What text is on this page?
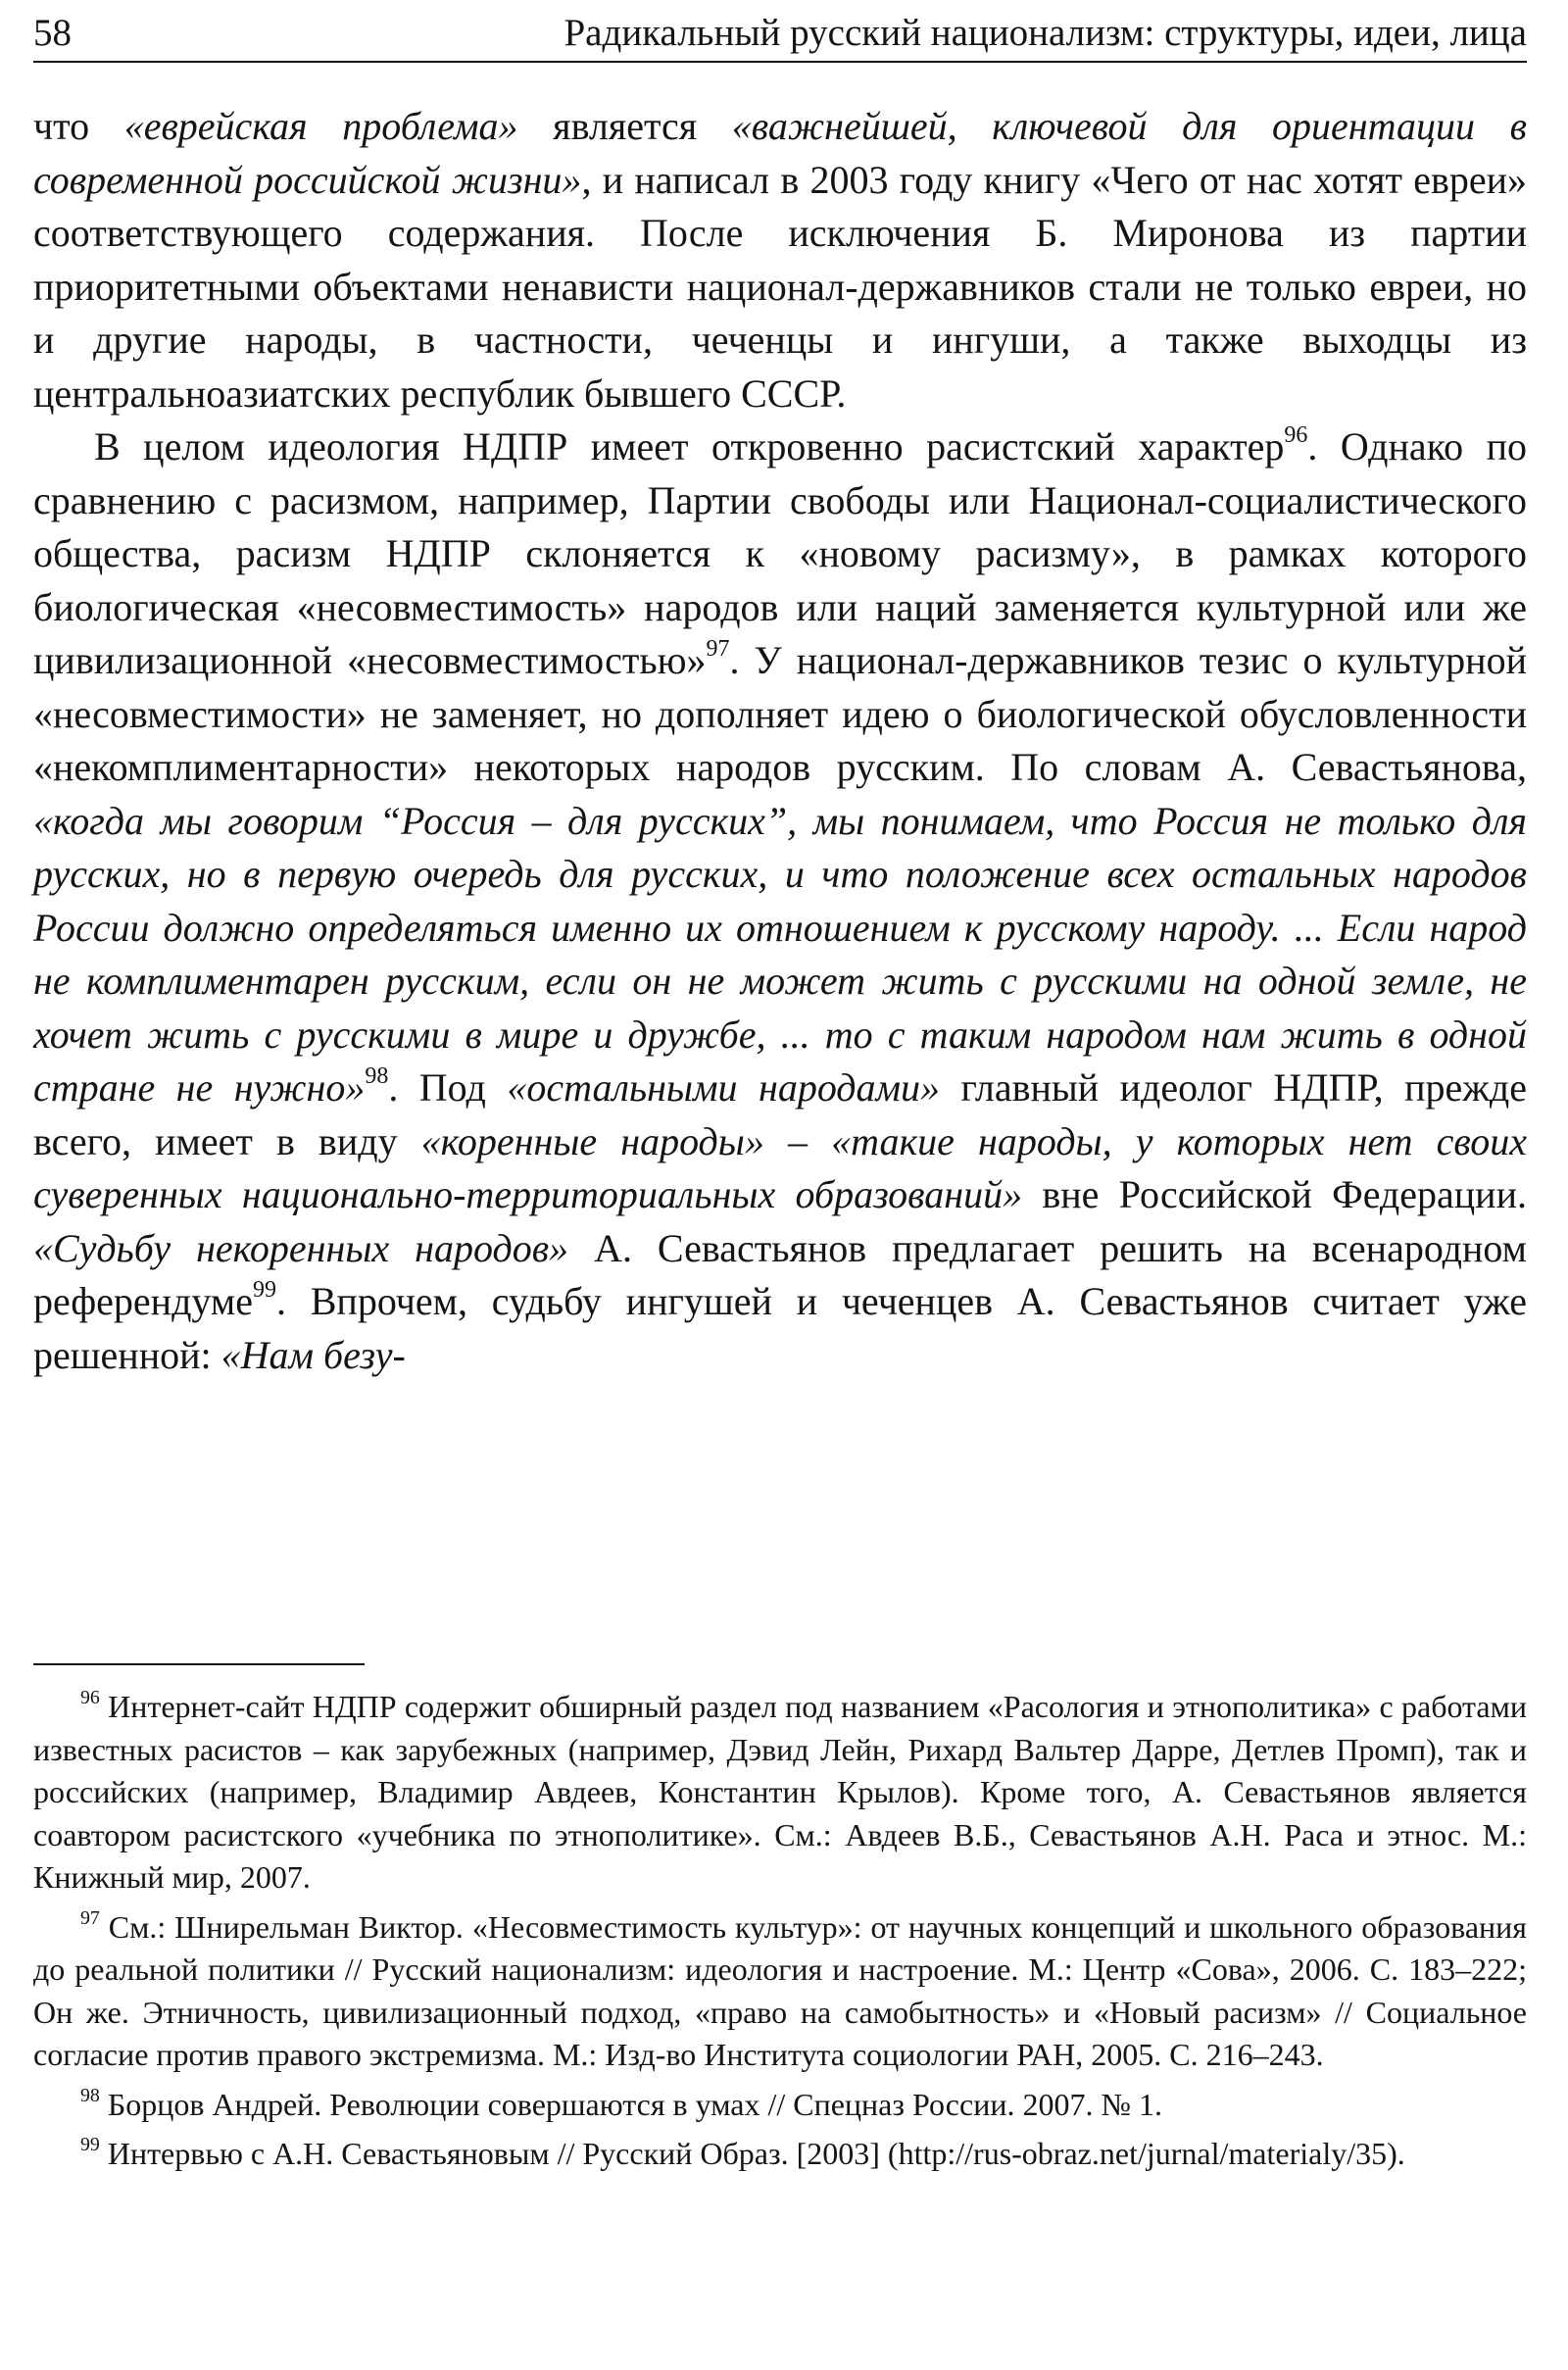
58	Радикальный русский национализм: структуры, идеи, лица

что «еврейская проблема» является «важнейшей, ключевой для ориентации в современной российской жизни», и написал в 2003 году книгу «Чего от нас хотят евреи» соответствующего содержания. После исключения Б. Миронова из партии приоритетными объектами ненависти национал-державников стали не только евреи, но и другие народы, в частности, чеченцы и ингуши, а также выходцы из центральноазиатских республик бывшего СССР.

В целом идеология НДПР имеет откровенно расистский характер$^{96}$. Однако по сравнению с расизмом, например, Партии свободы или Национал-социалистического общества, расизм НДПР склоняется к «новому расизму», в рамках которого биологическая «несовместимость» народов или наций заменяется культурной или же цивилизационной «несовместимостью»$^{97}$. У национал-державников тезис о культурной «несовместимости» не заменяет, но дополняет идею о биологической обусловленности «некомплиментарности» некоторых народов русским. По словам А. Севастьянова, «когда мы говорим “Россия – для русских”, мы понимаем, что Россия не только для русских, но в первую очередь для русских, и что положение всех остальных народов России должно определяться именно их отношением к русскому народу. ... Если народ не комплиментарен русским, если он не может жить с русскими на одной земле, не хочет жить с русскими в мире и дружбе, ... то с таким народом нам жить в одной стране не нужно»$^{98}$. Под «остальными народами» главный идеолог НДПР, прежде всего, имеет в виду «коренные народы» – «такие народы, у которых нет своих суверенных национально-территориальных образований» вне Российской Федерации. «Судьбу некоренных народов» А. Севастьянов предлагает решить на всенародном референдуме$^{99}$. Впрочем, судьбу ингушей и чеченцев А. Севастьянов считает уже решенной: «Нам безу-

$^{96}$ Интернет-сайт НДПР содержит обширный раздел под названием «Расология и этнополитика» с работами известных расистов – как зарубежных (например, Дэвид Лейн, Рихард Вальтер Дарре, Детлев Промп), так и российских (например, Владимир Авдеев, Константин Крылов). Кроме того, А. Севастьянов является соавтором расистского «учебника по этнополитике». См.: Авдеев В.Б., Севастьянов А.Н. Раса и этнос. М.: Книжный мир, 2007.

$^{97}$ См.: Шнирельман Виктор. «Несовместимость культур»: от научных концепций и школьного образования до реальной политики // Русский национализм: идеология и настроение. М.: Центр «Сова», 2006. С. 183–222; Он же. Этничность, цивилизационный подход, «право на самобытность» и «Новый расизм» // Социальное согласие против правого экстремизма. М.: Изд-во Института социологии РАН, 2005. С. 216–243.

$^{98}$ Борцов Андрей. Революции совершаются в умах // Спецназ России. 2007. № 1.

$^{99}$ Интервью с А.Н. Севастьяновым // Русский Образ. [2003] (http://rus-obraz.net/jurnal/materialy/35).
